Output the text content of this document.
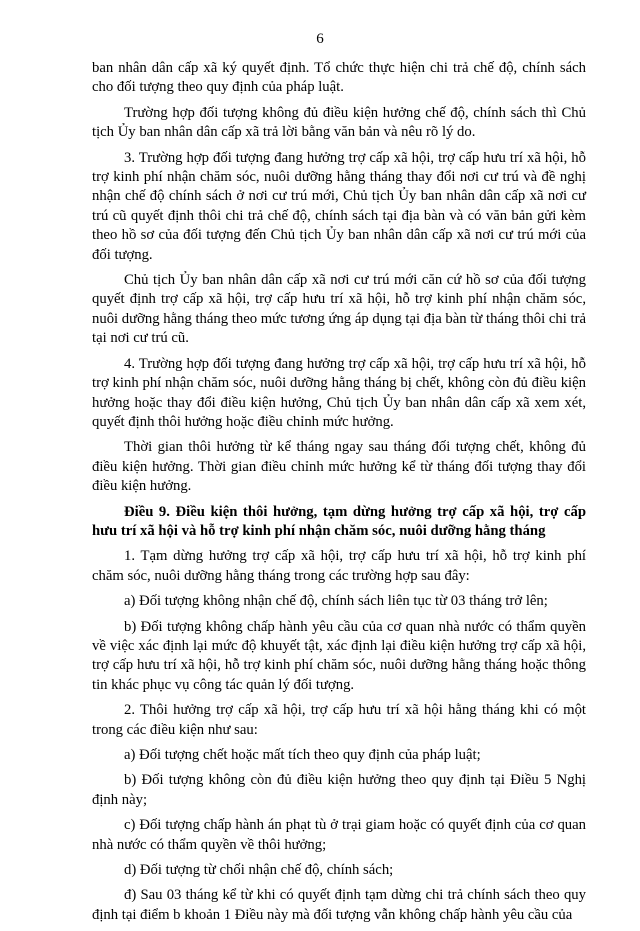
6

ban nhân dân cấp xã ký quyết định. Tổ chức thực hiện chi trả chế độ, chính sách cho đối tượng theo quy định của pháp luật.

Trường hợp đối tượng không đủ điều kiện hưởng chế độ, chính sách thì Chủ tịch Ủy ban nhân dân cấp xã trả lời bằng văn bản và nêu rõ lý do.

3. Trường hợp đối tượng đang hưởng trợ cấp xã hội, trợ cấp hưu trí xã hội, hỗ trợ kinh phí nhận chăm sóc, nuôi dưỡng hằng tháng thay đổi nơi cư trú và đề nghị nhận chế độ chính sách ở nơi cư trú mới, Chủ tịch Ủy ban nhân dân cấp xã nơi cư trú cũ quyết định thôi chi trả chế độ, chính sách tại địa bàn và có văn bản gửi kèm theo hồ sơ của đối tượng đến Chủ tịch Ủy ban nhân dân cấp xã nơi cư trú mới của đối tượng.

Chủ tịch Ủy ban nhân dân cấp xã nơi cư trú mới căn cứ hồ sơ của đối tượng quyết định trợ cấp xã hội, trợ cấp hưu trí xã hội, hỗ trợ kinh phí nhận chăm sóc, nuôi dưỡng hằng tháng theo mức tương ứng áp dụng tại địa bàn từ tháng thôi chi trả tại nơi cư trú cũ.

4. Trường hợp đối tượng đang hưởng trợ cấp xã hội, trợ cấp hưu trí xã hội, hỗ trợ kinh phí nhận chăm sóc, nuôi dưỡng hằng tháng bị chết, không còn đủ điều kiện hưởng hoặc thay đổi điều kiện hưởng, Chủ tịch Ủy ban nhân dân cấp xã xem xét, quyết định thôi hưởng hoặc điều chỉnh mức hưởng.

Thời gian thôi hưởng từ kể tháng ngay sau tháng đối tượng chết, không đủ điều kiện hưởng. Thời gian điều chỉnh mức hưởng kể từ tháng đối tượng thay đổi điều kiện hưởng.

Điều 9. Điều kiện thôi hưởng, tạm dừng hưởng trợ cấp xã hội, trợ cấp hưu trí xã hội và hỗ trợ kinh phí nhận chăm sóc, nuôi dưỡng hằng tháng

1. Tạm dừng hưởng trợ cấp xã hội, trợ cấp hưu trí xã hội, hỗ trợ kinh phí chăm sóc, nuôi dưỡng hằng tháng trong các trường hợp sau đây:

a) Đối tượng không nhận chế độ, chính sách liên tục từ 03 tháng trở lên;

b) Đối tượng không chấp hành yêu cầu của cơ quan nhà nước có thẩm quyền về việc xác định lại mức độ khuyết tật, xác định lại điều kiện hưởng trợ cấp xã hội, trợ cấp hưu trí xã hội, hỗ trợ kinh phí chăm sóc, nuôi dưỡng hằng tháng hoặc thông tin khác phục vụ công tác quản lý đối tượng.

2. Thôi hưởng trợ cấp xã hội, trợ cấp hưu trí xã hội hằng tháng khi có một trong các điều kiện như sau:

a) Đối tượng chết hoặc mất tích theo quy định của pháp luật;

b) Đối tượng không còn đủ điều kiện hưởng theo quy định tại Điều 5 Nghị định này;

c) Đối tượng chấp hành án phạt tù ở trại giam hoặc có quyết định của cơ quan nhà nước có thẩm quyền về thôi hưởng;

d) Đối tượng từ chối nhận chế độ, chính sách;

đ) Sau 03 tháng kể từ khi có quyết định tạm dừng chi trả chính sách theo quy định tại điểm b khoản 1 Điều này mà đối tượng vẫn không chấp hành yêu cầu của
